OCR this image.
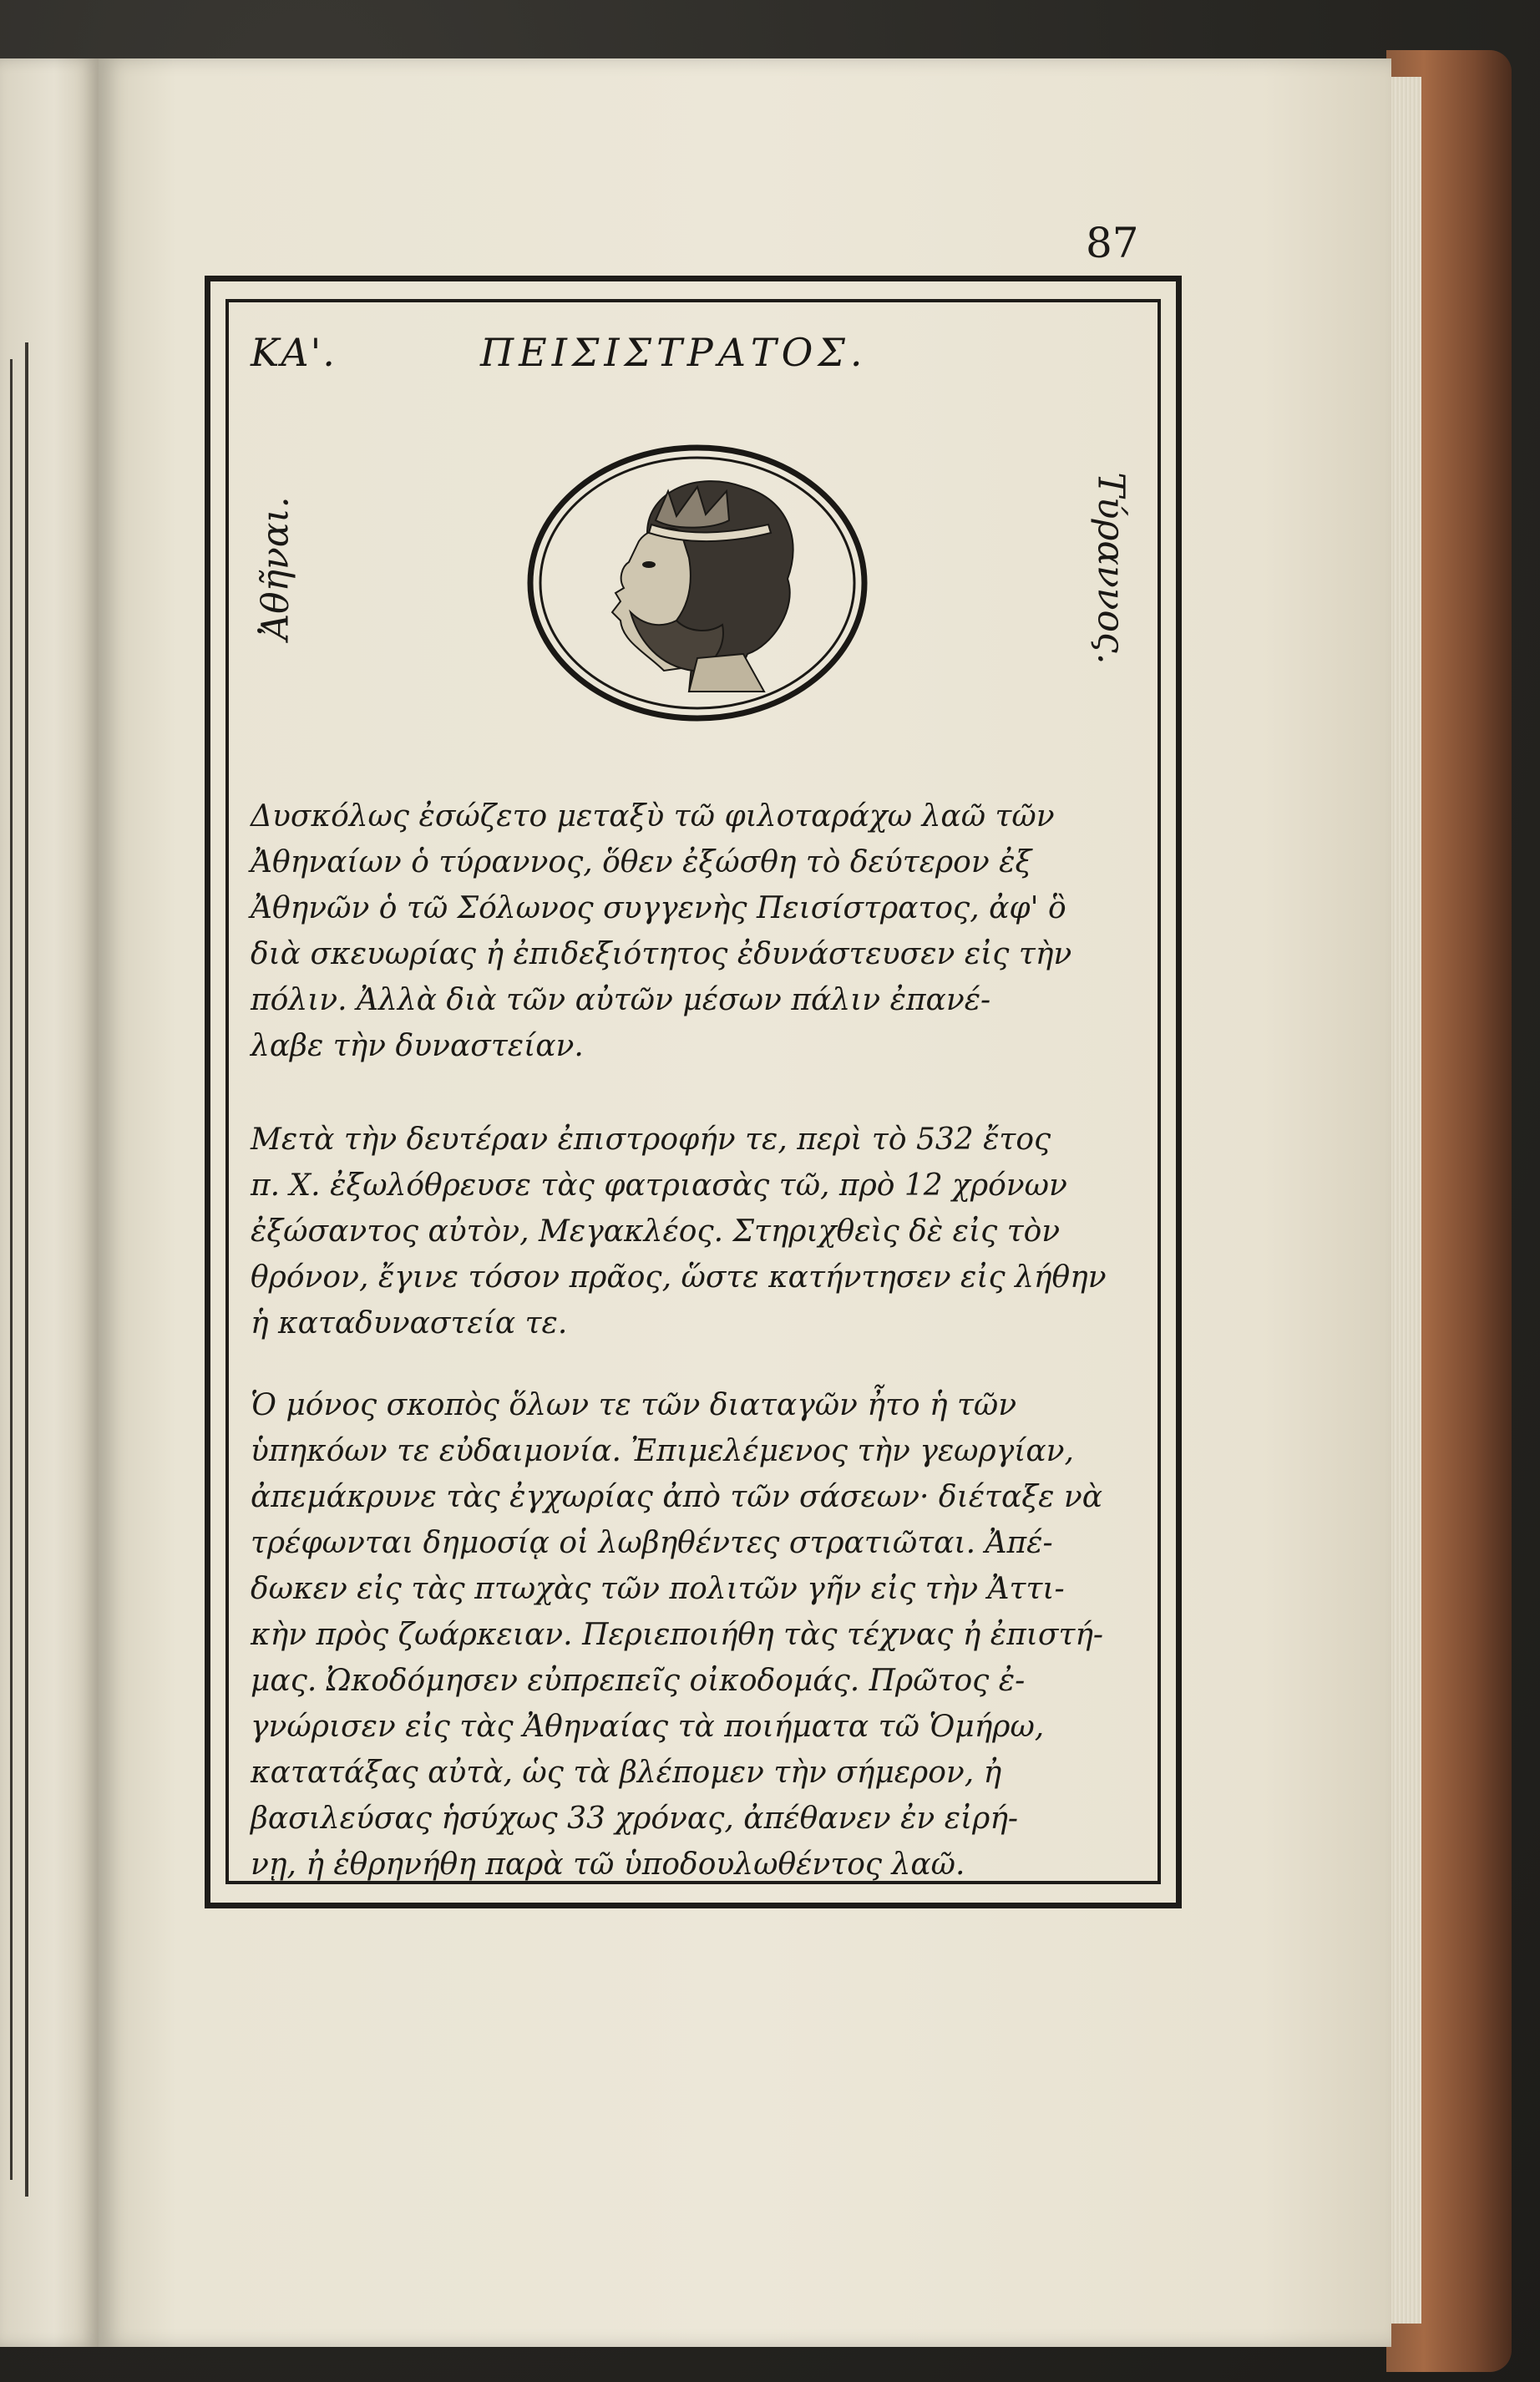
87
ΚΑ'.	ΠΕΙΣΙΣΤΡΑΤΟΣ.
Ἀθῆναι.	Τύραννος.
Δυσκόλως ἐσώζετο μεταξὺ τῶ φιλοταράχω λαῶ τῶν
Ἀθηναίων ὁ τύραννος, ὅθεν ἐξώσθη τὸ δεύτερον ἐξ
Ἀθηνῶν ὁ τῶ Σόλωνος συγγενὴς Πεισίστρατος, ἀφ' ὃ
διὰ σκευωρίας ἠ ἐπιδεξιότητος ἐδυνάστευσεν εἰς τὴν
πόλιν. Ἀλλὰ διὰ τῶν αὐτῶν μέσων πάλιν ἐπανέ-
λαβε τὴν δυναστείαν.
Μετὰ τὴν δευτέραν ἐπιστροφήν τε, περὶ τὸ 532 ἔτος
π. Χ. ἐξωλόθρευσε τὰς φατριασὰς τῶ, πρὸ 12 χρόνων
ἐξώσαντος αὐτὸν, Μεγακλέος. Στηριχθεὶς δὲ εἰς τὸν
θρόνον, ἔγινε τόσον πρᾶος, ὥστε κατήντησεν εἰς λήθην
ἡ καταδυναστεία τε.
Ὁ μόνος σκοπὸς ὅλων τε τῶν διαταγῶν ἦτο ἡ τῶν
ὑπηκόων τε εὐδαιμονία. Ἐπιμελέμενος τὴν γεωργίαν,
ἀπεμάκρυνε τὰς ἐγχωρίας ἀπὸ τῶν σάσεων· διέταξε νὰ
τρέφωνται δημοσίᾳ οἱ λωβηθέντες στρατιῶται. Ἀπέ-
δωκεν εἰς τὰς πτωχὰς τῶν πολιτῶν γῆν εἰς τὴν Ἀττι-
κὴν πρὸς ζωάρκειαν. Περιεποιήθη τὰς τέχνας ἠ ἐπιστή-
μας. Ὠκοδόμησεν εὐπρεπεῖς οἰκοδομάς. Πρῶτος ἐ-
γνώρισεν εἰς τὰς Ἀθηναίας τὰ ποιήματα τῶ Ὁμήρω,
κατατάξας αὐτὰ, ὡς τὰ βλέπομεν τὴν σήμερον, ἠ
βασιλεύσας ἡσύχως 33 χρόνας, ἀπέθανεν ἐν εἰρή-
νῃ, ἠ ἐθρηνήθη παρὰ τῶ ὑποδουλωθέντος λαῶ.
